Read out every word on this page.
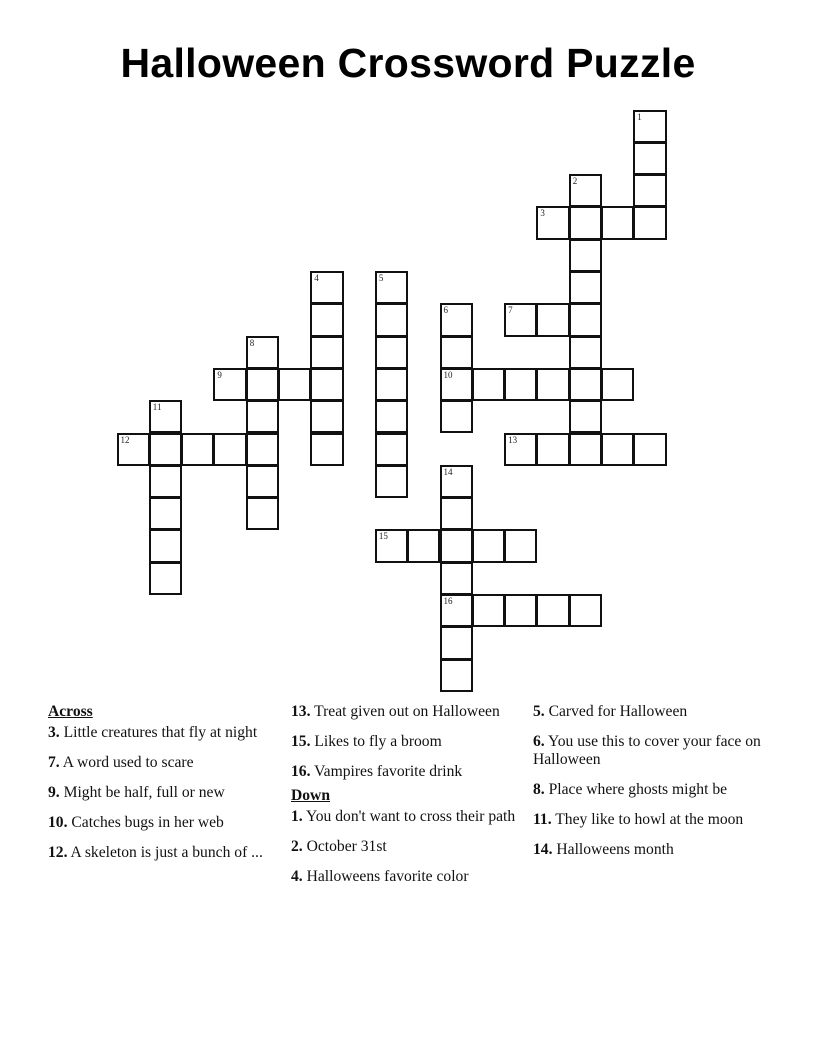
Halloween Crossword Puzzle
1
2
3
4	5
6
10
7
8
9
11
12	13
14
16
15
Across
3. Little creatures that fly at night
7. A word used to scare
9. Might be half, full or new
10. Catches bugs in her web
12. A skeleton is just a bunch of ...
13. Treat given out on Halloween
15. Likes to fly a broom
16. Vampires favorite drink
Down
1. You don't want to cross their path
2. October 31st
4. Halloweens favorite color
5. Carved for Halloween
6. You use this to cover your face on Halloween
8. Place where ghosts might be
11. They like to howl at the moon
14. Halloweens month
